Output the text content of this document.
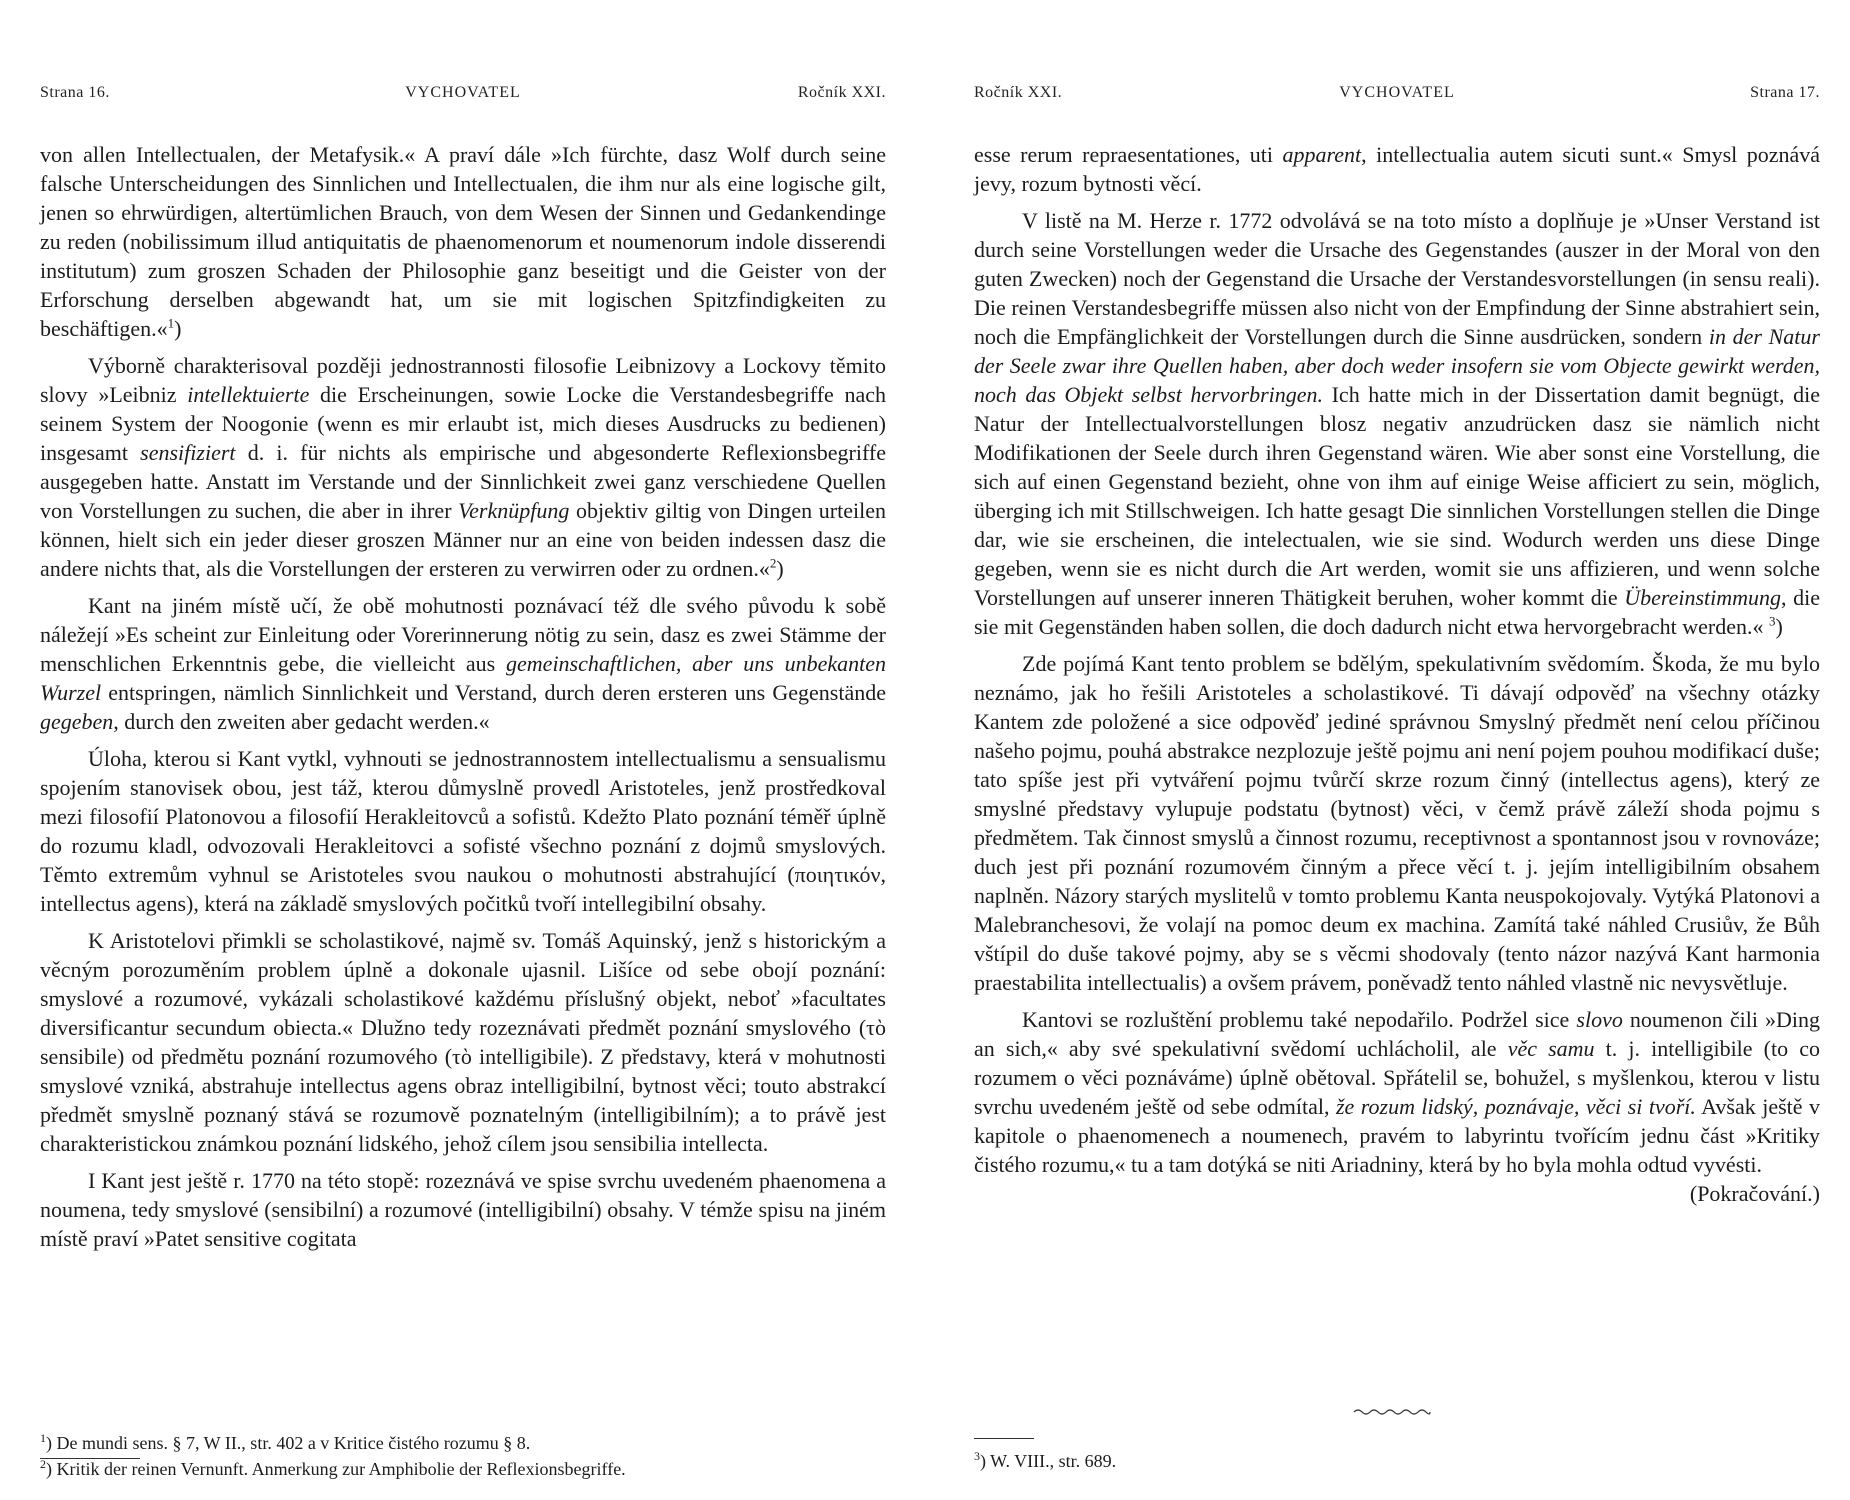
Strana 16.	VYCHOVATEL	Ročník XXI.

von allen Intellectualen, der Metafysik.« A praví dále »Ich fürchte, dasz Wolf durch seine falsche Unterscheidungen des Sinnlichen und Intellectualen, die ihm nur als eine logische gilt, jenen so ehrwürdigen, altertümlichen Brauch, von dem Wesen der Sinnen und Gedankendinge zu reden (nobilissimum illud antiquitatis de phaenomenorum et noumenorum indole disserendi institutum) zum groszen Schaden der Philosophie ganz beseitigt und die Geister von der Erforschung derselben abgewandt hat, um sie mit logischen Spitzfindigkeiten zu beschäftigen.«$^1$)

Výborně charakterisoval později jednostrannosti filosofie Leibnizovy a Lockovy těmito slovy »Leibniz intellektuierte die Erscheinungen, sowie Locke die Verstandesbegriffe nach seinem System der Noogonie (wenn es mir erlaubt ist, mich dieses Ausdrucks zu bedienen) insgesamt sensifiziert d. i. für nichts als empirische und abgesonderte Reflexionsbegriffe ausgegeben hatte. Anstatt im Verstande und der Sinnlichkeit zwei ganz verschiedene Quellen von Vorstellungen zu suchen, die aber in ihrer Verknüpfung objektiv giltig von Dingen urteilen können, hielt sich ein jeder dieser groszen Männer nur an eine von beiden indessen dasz die andere nichts that, als die Vorstellungen der ersteren zu verwirren oder zu ordnen.«$^2$)

Kant na jiném místě učí, že obě mohutnosti poznávací též dle svého původu k sobě náležejí »Es scheint zur Einleitung oder Vorerinnerung nötig zu sein, dasz es zwei Stämme der menschlichen Erkenntnis gebe, die vielleicht aus gemeinschaftlichen, aber uns unbekanten Wurzel entspringen, nämlich Sinnlichkeit und Verstand, durch deren ersteren uns Gegenstände gegeben, durch den zweiten aber gedacht werden.«

Úloha, kterou si Kant vytkl, vyhnouti se jednostrannostem intellectualismu a sensualismu spojením stanovisek obou, jest táž, kterou důmyslně provedl Aristoteles, jenž prostředkoval mezi filosofií Platonovou a filosofií Herakleitovců a sofistů. Kdežto Plato poznání téměř úplně do rozumu kladl, odvozovali Herakleitovci a sofisté všechno poznání z dojmů smyslových. Těmto extremům vyhnul se Aristoteles svou naukou o mohutnosti abstrahující (ποιητικόν, intellectus agens), která na základě smyslových počitků tvoří intellegibilní obsahy.

K Aristotelovi přimkli se scholastikové, najmě sv. Tomáš Aquinský, jenž s historickým a věcným porozuměním problem úplně a dokonale ujasnil. Lišíce od sebe obojí poznání: smyslové a rozumové, vykázali scholastikové každému příslušný objekt, neboť »facultates diversificantur secundum obiecta.« Dlužno tedy rozeznávati předmět poznání smyslového (τὸ sensibile) od předmětu poznání rozumového (τὸ intelligibile). Z představy, která v mohutnosti smyslové vzniká, abstrahuje intellectus agens obraz intelligibilní, bytnost věci; touto abstrakcí předmět smyslně poznaný stává se rozumově poznatelným (intelligibilním); a to právě jest charakteristickou známkou poznání lidského, jehož cílem jsou sensibilia intellecta.

I Kant jest ještě r. 1770 na této stopě: rozeznává ve spise svrchu uvedeném phaenomena a noumena, tedy smyslové (sensibilní) a rozumové (intelligibilní) obsahy. V témže spisu na jiném místě praví »Patet sensitive cogitata

$^1$) De mundi sens. § 7, W II., str. 402 a v Kritice čistého rozumu § 8.

$^2$) Kritik der reinen Vernunft. Anmerkung zur Amphibolie der Reflexionsbegriffe.

Ročník XXI.	VYCHOVATEL	Strana 17.

esse rerum repraesentationes, uti apparent, intellectualia autem sicuti sunt.« Smysl poznává jevy, rozum bytnosti věcí.

V listě na M. Herze r. 1772 odvolává se na toto místo a doplňuje je »Unser Verstand ist durch seine Vorstellungen weder die Ursache des Gegenstandes (auszer in der Moral von den guten Zwecken) noch der Gegenstand die Ursache der Verstandesvorstellungen (in sensu reali). Die reinen Verstandesbegriffe müssen also nicht von der Empfindung der Sinne abstrahiert sein, noch die Empfänglichkeit der Vorstellungen durch die Sinne ausdrücken, sondern in der Natur der Seele zwar ihre Quellen haben, aber doch weder insofern sie vom Objecte gewirkt werden, noch das Objekt selbst hervorbringen. Ich hatte mich in der Dissertation damit begnügt, die Natur der Intellectualvorstellungen blosz negativ anzudrücken dasz sie nämlich nicht Modifikationen der Seele durch ihren Gegenstand wären. Wie aber sonst eine Vorstellung, die sich auf einen Gegenstand bezieht, ohne von ihm auf einige Weise afficiert zu sein, möglich, überging ich mit Stillschweigen. Ich hatte gesagt Die sinnlichen Vorstellungen stellen die Dinge dar, wie sie erscheinen, die intelectualen, wie sie sind. Wodurch werden uns diese Dinge gegeben, wenn sie es nicht durch die Art werden, womit sie uns affizieren, und wenn solche Vorstellungen auf unserer inneren Thätigkeit beruhen, woher kommt die Übereinstimmung, die sie mit Gegenständen haben sollen, die doch dadurch nicht etwa hervorgebracht werden.« $^3$)

Zde pojímá Kant tento problem se bdělým, spekulativním svědomím. Škoda, že mu bylo neznámo, jak ho řešili Aristoteles a scholastikové. Ti dávají odpověď na všechny otázky Kantem zde položené a sice odpověď jediné správnou Smyslný předmět není celou příčinou našeho pojmu, pouhá abstrakce nezplozuje ještě pojmu ani není pojem pouhou modifikací duše; tato spíše jest při vytváření pojmu tvůrčí skrze rozum činný (intellectus agens), který ze smyslné představy vylupuje podstatu (bytnost) věci, v čemž právě záleží shoda pojmu s předmětem. Tak činnost smyslů a činnost rozumu, receptivnost a spontannost jsou v rovnováze; duch jest při poznání rozumovém činným a přece věcí t. j. jejím intelligibilním obsahem naplněn. Názory starých myslitelů v tomto problemu Kanta neuspokojovaly. Vytýká Platonovi a Malebranchesovi, že volají na pomoc deum ex machina. Zamítá také náhled Crusiův, že Bůh vštípil do duše takové pojmy, aby se s věcmi shodovaly (tento názor nazývá Kant harmonia praestabilita intellectualis) a ovšem právem, poněvadž tento náhled vlastně nic nevysvětluje.

Kantovi se rozluštění problemu také nepodařilo. Podržel sice slovo noumenon čili »Ding an sich,« aby své spekulativní svědomí uchlácholil, ale věc samu t. j. intelligibile (to co rozumem o věci poznáváme) úplně obětoval. Spřátelil se, bohužel, s myšlenkou, kterou v listu svrchu uvedeném ještě od sebe odmítal, že rozum lidský, poznávaje, věci si tvoří. Avšak ještě v kapitole o phaenomenech a noumenech, pravém to labyrintu tvořícím jednu část »Kritiky čistého rozumu,« tu a tam dotýká se niti Ariadniny, která by ho byla mohla odtud vyvésti.

(Pokračování.)

$^3$) W. VIII., str. 689.
